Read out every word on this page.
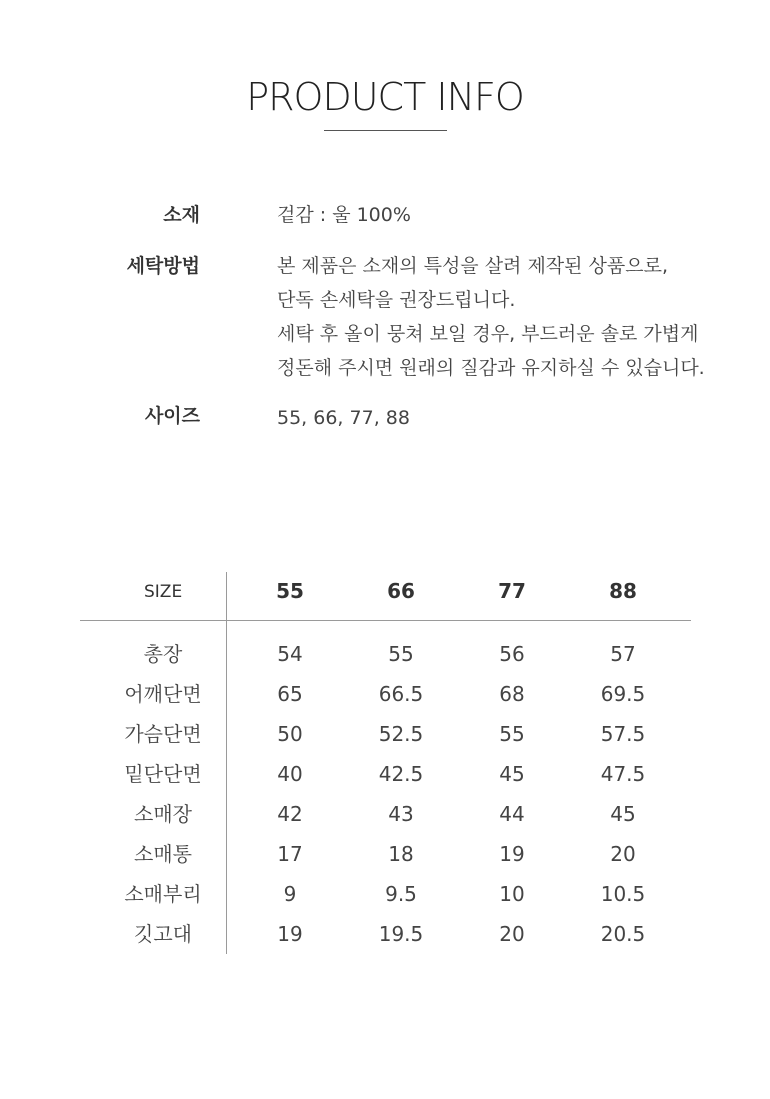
PRODUCT INFO
소재	겉감 : 울 100%
세탁방법	본 제품은 소재의 특성을 살려 제작된 상품으로,
단독 손세탁을 권장드립니다.
세탁 후 올이 뭉쳐 보일 경우, 부드러운 솔로 가볍게
정돈해 주시면 원래의 질감과 유지하실 수 있습니다.
사이즈	55, 66, 77, 88
SIZE	55	66	77	88
총장	54	55	56	57
어깨단면	65	66.5	68	69.5
가슴단면	50	52.5	55	57.5
밑단단면	40	42.5	45	47.5
소매장	42	43	44	45
소매통	17	18	19	20
소매부리	9	9.5	10	10.5
깃고대	19	19.5	20	20.5
